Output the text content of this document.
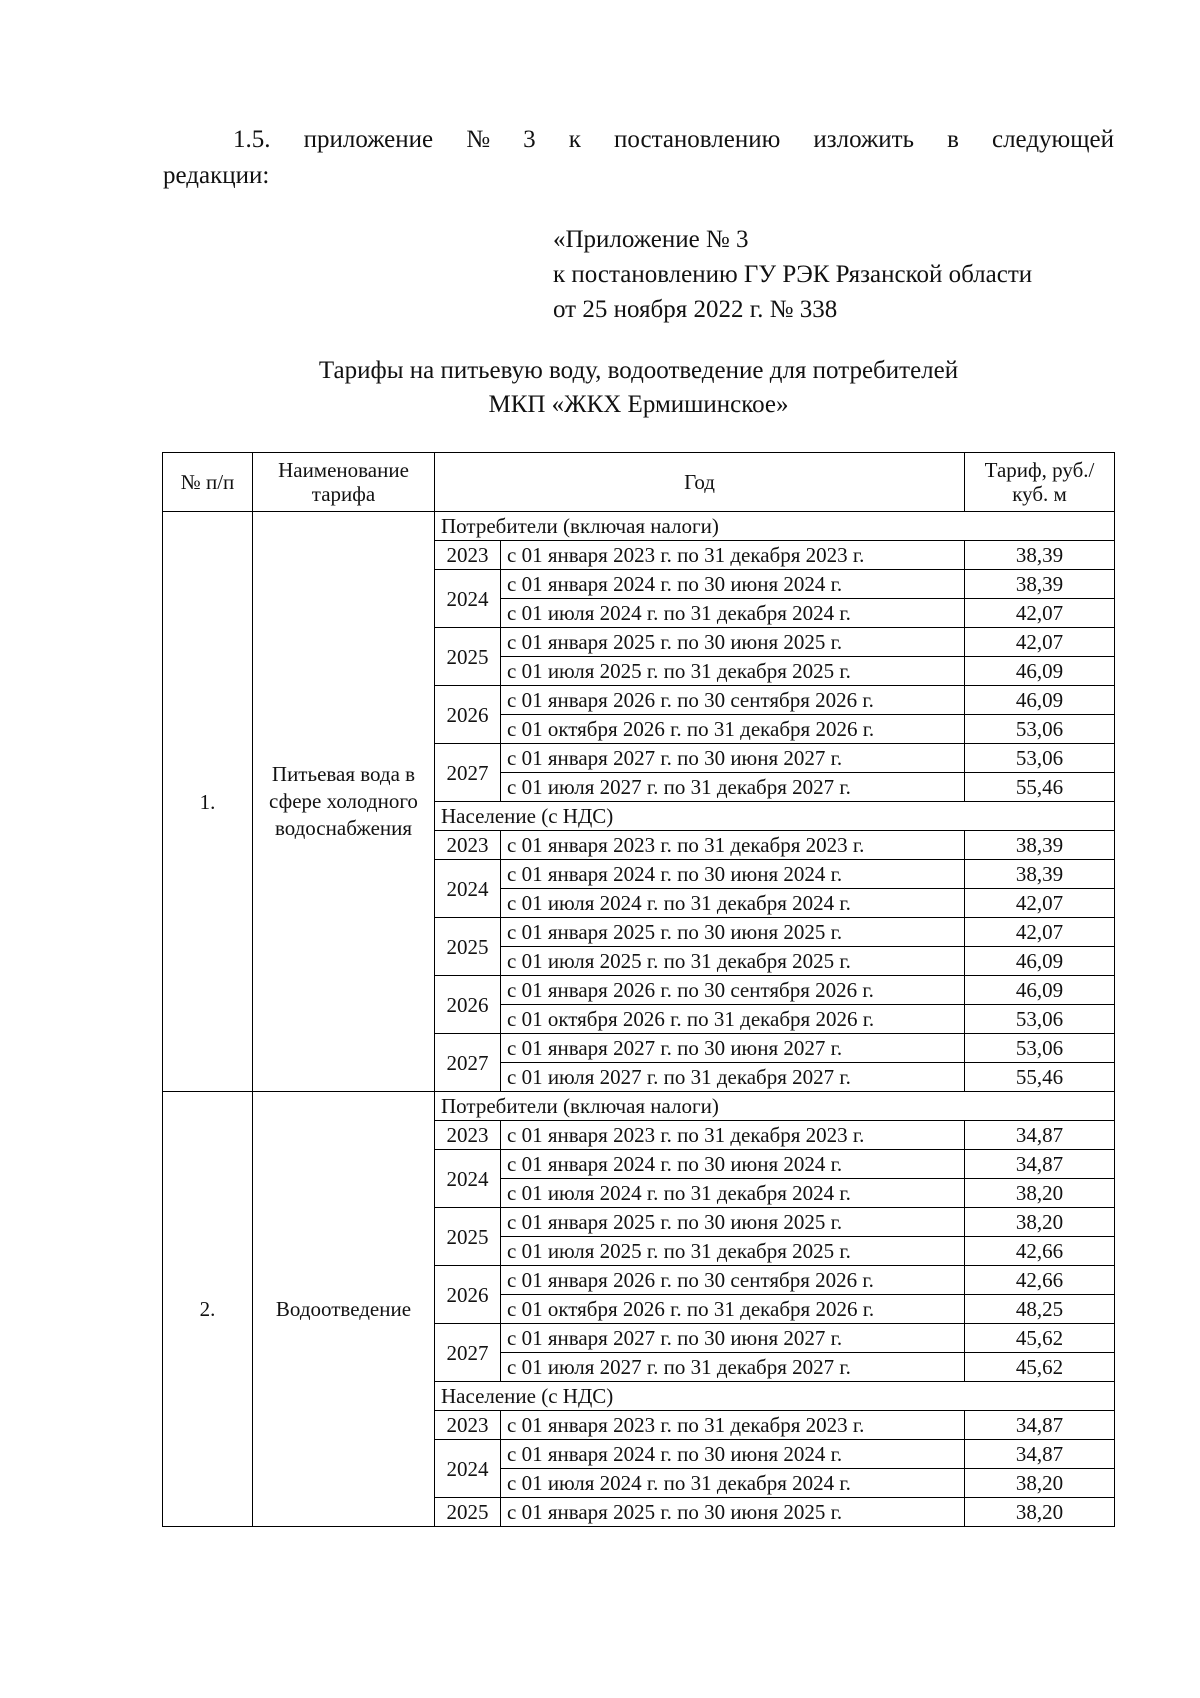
1.5. приложение № 3 к постановлению изложить в следующей
редакции:
«Приложение № 3
к постановлению ГУ РЭК Рязанской области
от 25 ноября 2022 г. № 338
Тарифы на питьевую воду, водоотведение для потребителей
МКП «ЖКХ Ермишинское»
№ п/п	Наименование тарифа	Год		Тариф, руб./куб. м
1.	Питьевая вода в сфере холодного водоснабжения	Потребители (включая налоги)		
		2023	с 01 января 2023 г. по 31 декабря 2023 г.	38,39
		2024	с 01 января 2024 г. по 30 июня 2024 г.	38,39
			с 01 июля 2024 г. по 31 декабря 2024 г.	42,07
		2025	с 01 января 2025 г. по 30 июня 2025 г.	42,07
			с 01 июля 2025 г. по 31 декабря 2025 г.	46,09
		2026	с 01 января 2026 г. по 30 сентября 2026 г.	46,09
			с 01 октября 2026 г. по 31 декабря 2026 г.	53,06
		2027	с 01 января 2027 г. по 30 июня 2027 г.	53,06
			с 01 июля 2027 г. по 31 декабря 2027 г.	55,46
		Население (с НДС)		
		2023	с 01 января 2023 г. по 31 декабря 2023 г.	38,39
		2024	с 01 января 2024 г. по 30 июня 2024 г.	38,39
			с 01 июля 2024 г. по 31 декабря 2024 г.	42,07
		2025	с 01 января 2025 г. по 30 июня 2025 г.	42,07
			с 01 июля 2025 г. по 31 декабря 2025 г.	46,09
		2026	с 01 января 2026 г. по 30 сентября 2026 г.	46,09
			с 01 октября 2026 г. по 31 декабря 2026 г.	53,06
		2027	с 01 января 2027 г. по 30 июня 2027 г.	53,06
			с 01 июля 2027 г. по 31 декабря 2027 г.	55,46
2.	Водоотведение	Потребители (включая налоги)		
		2023	с 01 января 2023 г. по 31 декабря 2023 г.	34,87
		2024	с 01 января 2024 г. по 30 июня 2024 г.	34,87
			с 01 июля 2024 г. по 31 декабря 2024 г.	38,20
		2025	с 01 января 2025 г. по 30 июня 2025 г.	38,20
			с 01 июля 2025 г. по 31 декабря 2025 г.	42,66
		2026	с 01 января 2026 г. по 30 сентября 2026 г.	42,66
			с 01 октября 2026 г. по 31 декабря 2026 г.	48,25
		2027	с 01 января 2027 г. по 30 июня 2027 г.	45,62
			с 01 июля 2027 г. по 31 декабря 2027 г.	45,62
		Население (с НДС)		
		2023	с 01 января 2023 г. по 31 декабря 2023 г.	34,87
		2024	с 01 января 2024 г. по 30 июня 2024 г.	34,87
			с 01 июля 2024 г. по 31 декабря 2024 г.	38,20
		2025	с 01 января 2025 г. по 30 июня 2025 г.	38,20
